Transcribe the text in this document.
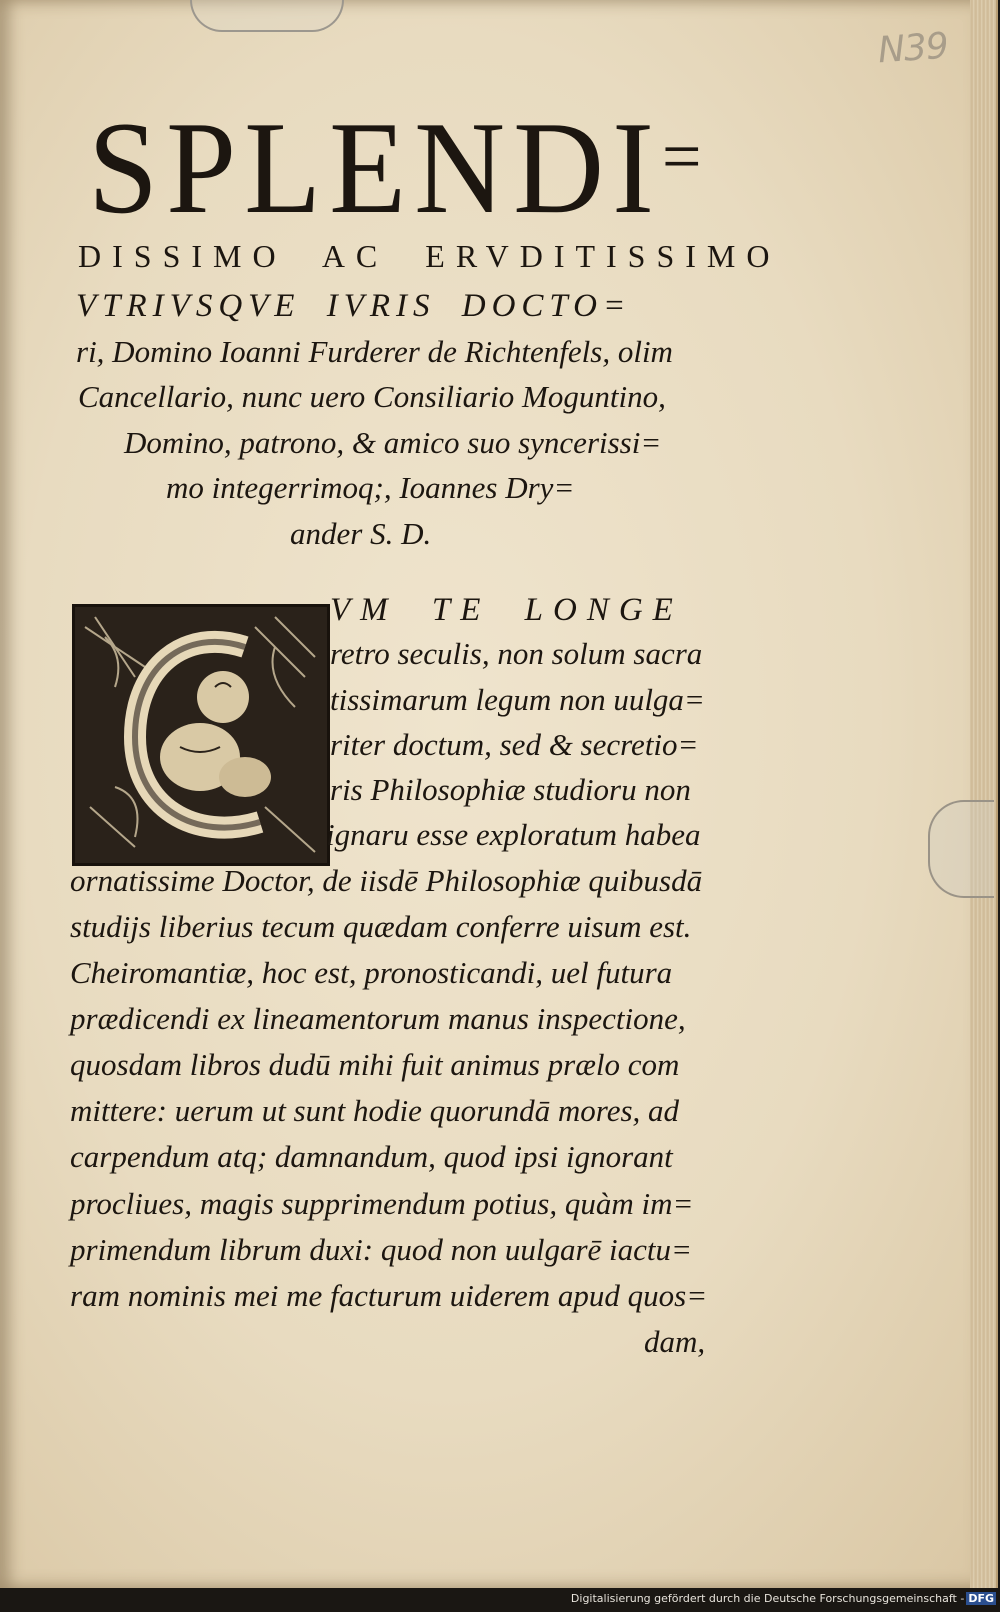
N39
SPLENDI=
DISSIMO AC ERVDITISSIMO
VTRIVSQVE IVRIS DOCTO=
ri, Domino Ioanni Furderer de Richtenfels, olim
Cancellario, nunc uero Consiliario Moguntino,
Domino, patrono, & amico suo syncerissi=
mo integerrimoq;, Ioannes Dry=
ander S. D.
VM TE LONGE
retro seculis, non solum sacra
tissimarum legum non uulga=
riter doctum, sed & secretio=
ris Philosophiæ studioru non
ignaru esse exploratum habea
ornatissime Doctor, de iisdē Philosophiæ quibusdā
studijs liberius tecum quædam conferre uisum est.
Cheiromantiæ, hoc est, pronosticandi, uel futura
prædicendi ex lineamentorum manus inspectione,
quosdam libros dudū mihi fuit animus prælo com
mittere: uerum ut sunt hodie quorundā mores, ad
carpendum atq; damnandum, quod ipsi ignorant
procliues, magis supprimendum potius, quàm im=
primendum librum duxi: quod non uulgarē iactu=
ram nominis mei me facturum uiderem apud quos=
dam,
Digitalisierung gefördert durch die Deutsche Forschungsgemeinschaft - DFG
